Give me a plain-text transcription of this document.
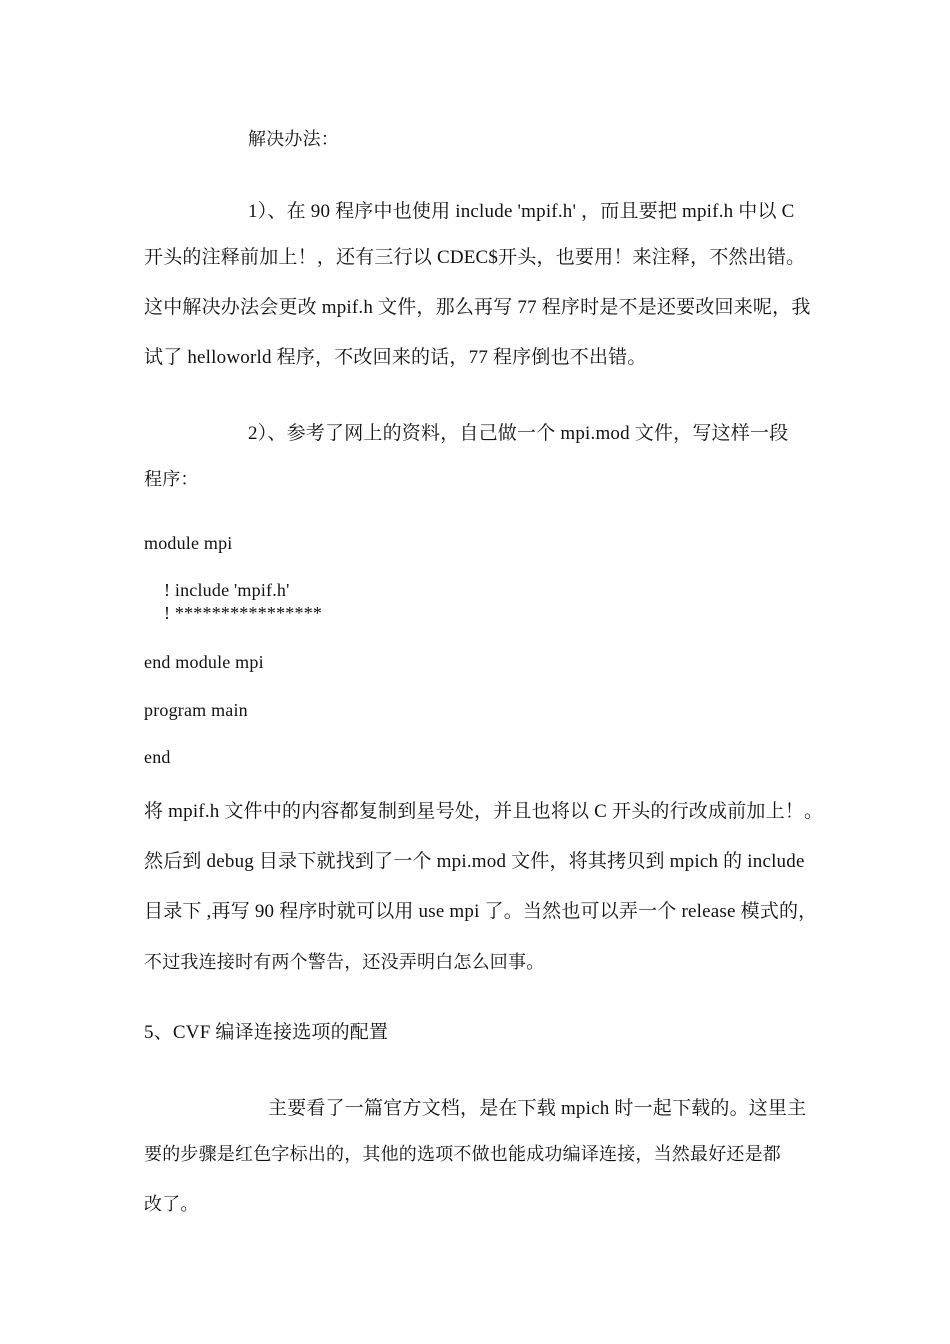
解决办法：
1）、在 90 程序中也使用 include 'mpif.h' ，而且要把 mpif.h 中以 C
开头的注释前加上！，还有三行以 CDEC$开头，也要用！来注释，不然出错。
这中解决办法会更改 mpif.h 文件，那么再写 77 程序时是不是还要改回来呢，我
试了 helloworld 程序，不改回来的话，77 程序倒也不出错。
2）、参考了网上的资料，自己做一个 mpi.mod 文件，写这样一段
程序：
module mpi
! include 'mpif.h'
! ****************
end module mpi
program main
end
将 mpif.h 文件中的内容都复制到星号处，并且也将以 C 开头的行改成前加上！。
然后到 debug 目录下就找到了一个 mpi.mod 文件，将其拷贝到 mpich 的 include
目录下 ,再写 90 程序时就可以用 use mpi 了。当然也可以弄一个 release 模式的，
不过我连接时有两个警告，还没弄明白怎么回事。
5、CVF 编译连接选项的配置
主要看了一篇官方文档，是在下载 mpich 时一起下载的。这里主
要的步骤是红色字标出的，其他的选项不做也能成功编译连接，当然最好还是都
改了。
